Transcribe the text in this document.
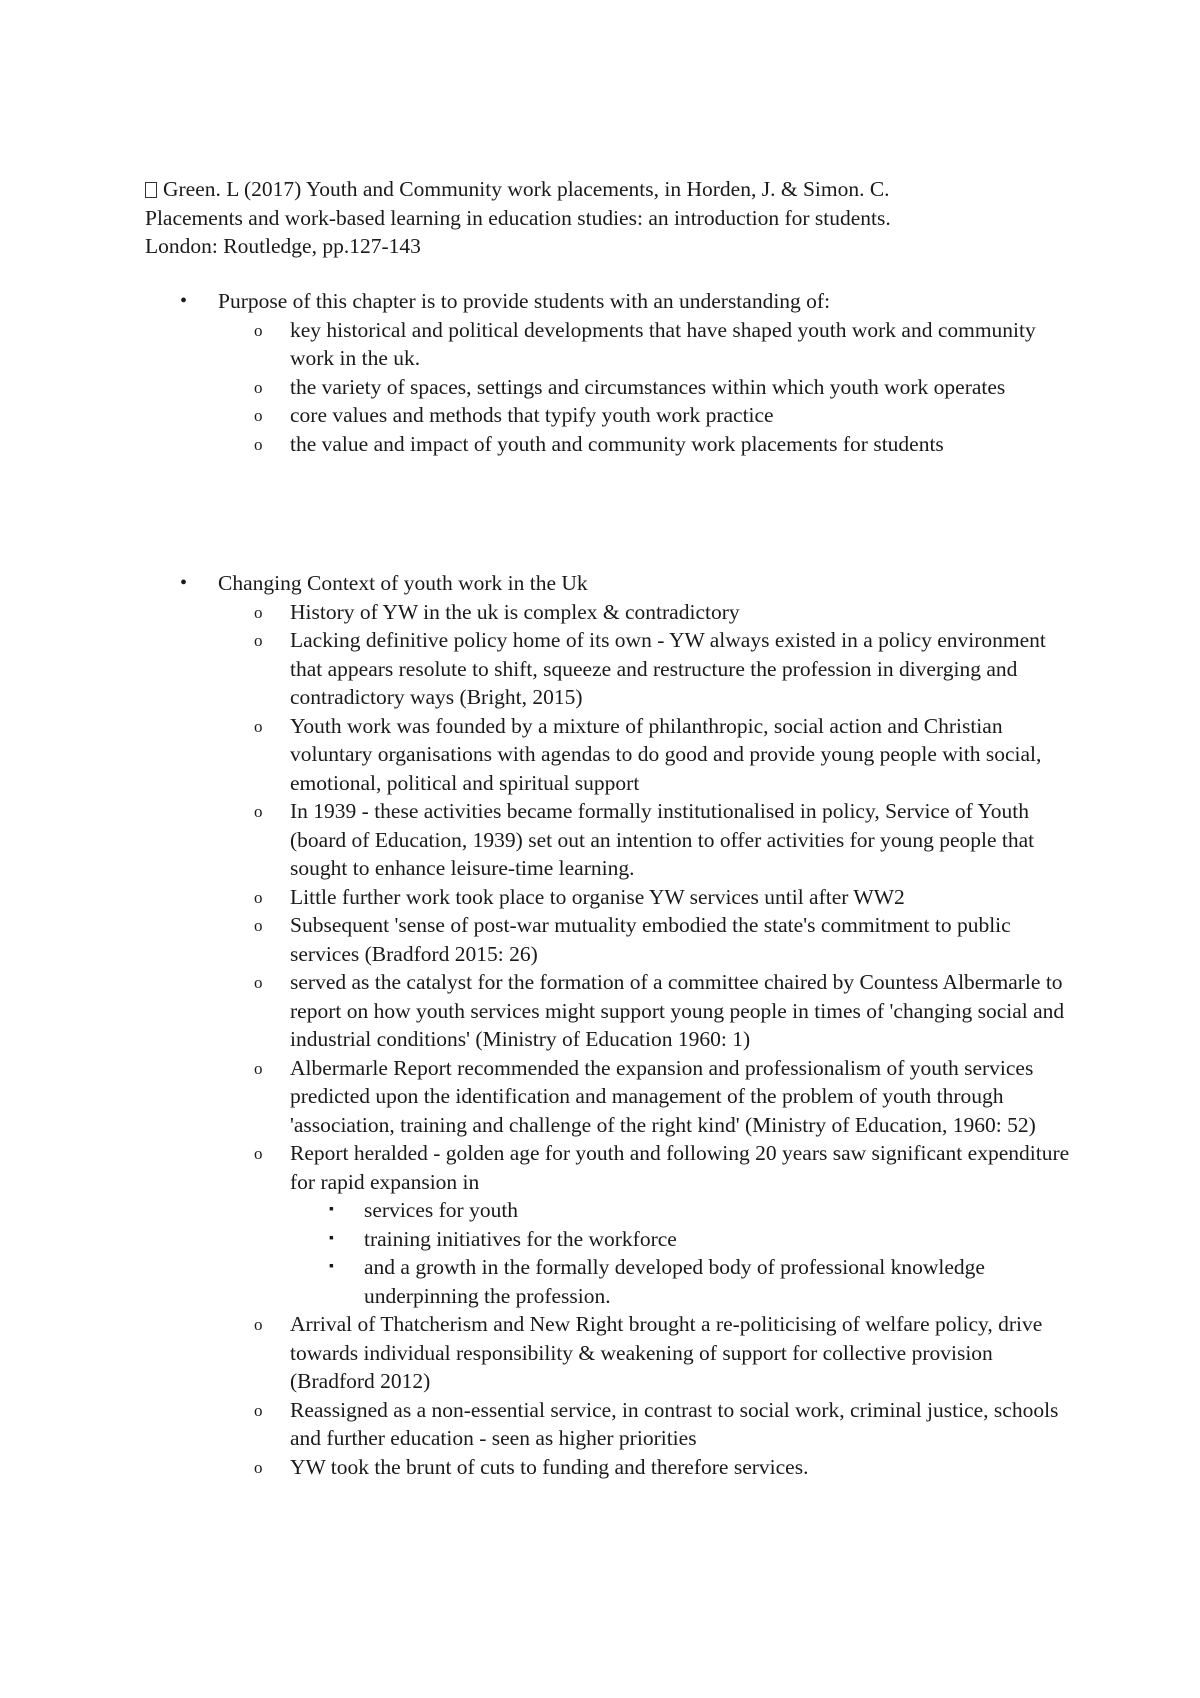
Green. L (2017) Youth and Community work placements, in Horden, J. & Simon. C.
Placements and work-based learning in education studies: an introduction for students.
London: Routledge, pp.127-143
• Purpose of this chapter is to provide students with an understanding of:
o key historical and political developments that have shaped youth work and community work in the uk.
o the variety of spaces, settings and circumstances within which youth work operates
o core values and methods that typify youth work practice
o the value and impact of youth and community work placements for students
• Changing Context of youth work in the Uk
o History of YW in the uk is complex & contradictory
o Lacking definitive policy home of its own - YW always existed in a policy environment that appears resolute to shift, squeeze and restructure the profession in diverging and contradictory ways (Bright, 2015)
o Youth work was founded by a mixture of philanthropic, social action and Christian voluntary organisations with agendas to do good and provide young people with social, emotional, political and spiritual support
o In 1939 - these activities became formally institutionalised in policy, Service of Youth (board of Education, 1939) set out an intention to offer activities for young people that sought to enhance leisure-time learning.
o Little further work took place to organise YW services until after WW2
o Subsequent 'sense of post-war mutuality embodied the state's commitment to public services (Bradford 2015: 26)
o served as the catalyst for the formation of a committee chaired by Countess Albermarle to report on how youth services might support young people in times of 'changing social and industrial conditions' (Ministry of Education 1960: 1)
o Albermarle Report recommended the expansion and professionalism of youth services predicted upon the identification and management of the problem of youth through 'association, training and challenge of the right kind' (Ministry of Education, 1960: 52)
o Report heralded - golden age for youth and following 20 years saw significant expenditure for rapid expansion in
▪ services for youth
▪ training initiatives for the workforce
▪ and a growth in the formally developed body of professional knowledge underpinning the profession.
o Arrival of Thatcherism and New Right brought a re-politicising of welfare policy, drive towards individual responsibility & weakening of support for collective provision (Bradford 2012)
o Reassigned as a non-essential service, in contrast to social work, criminal justice, schools and further education - seen as higher priorities
o YW took the brunt of cuts to funding and therefore services.
